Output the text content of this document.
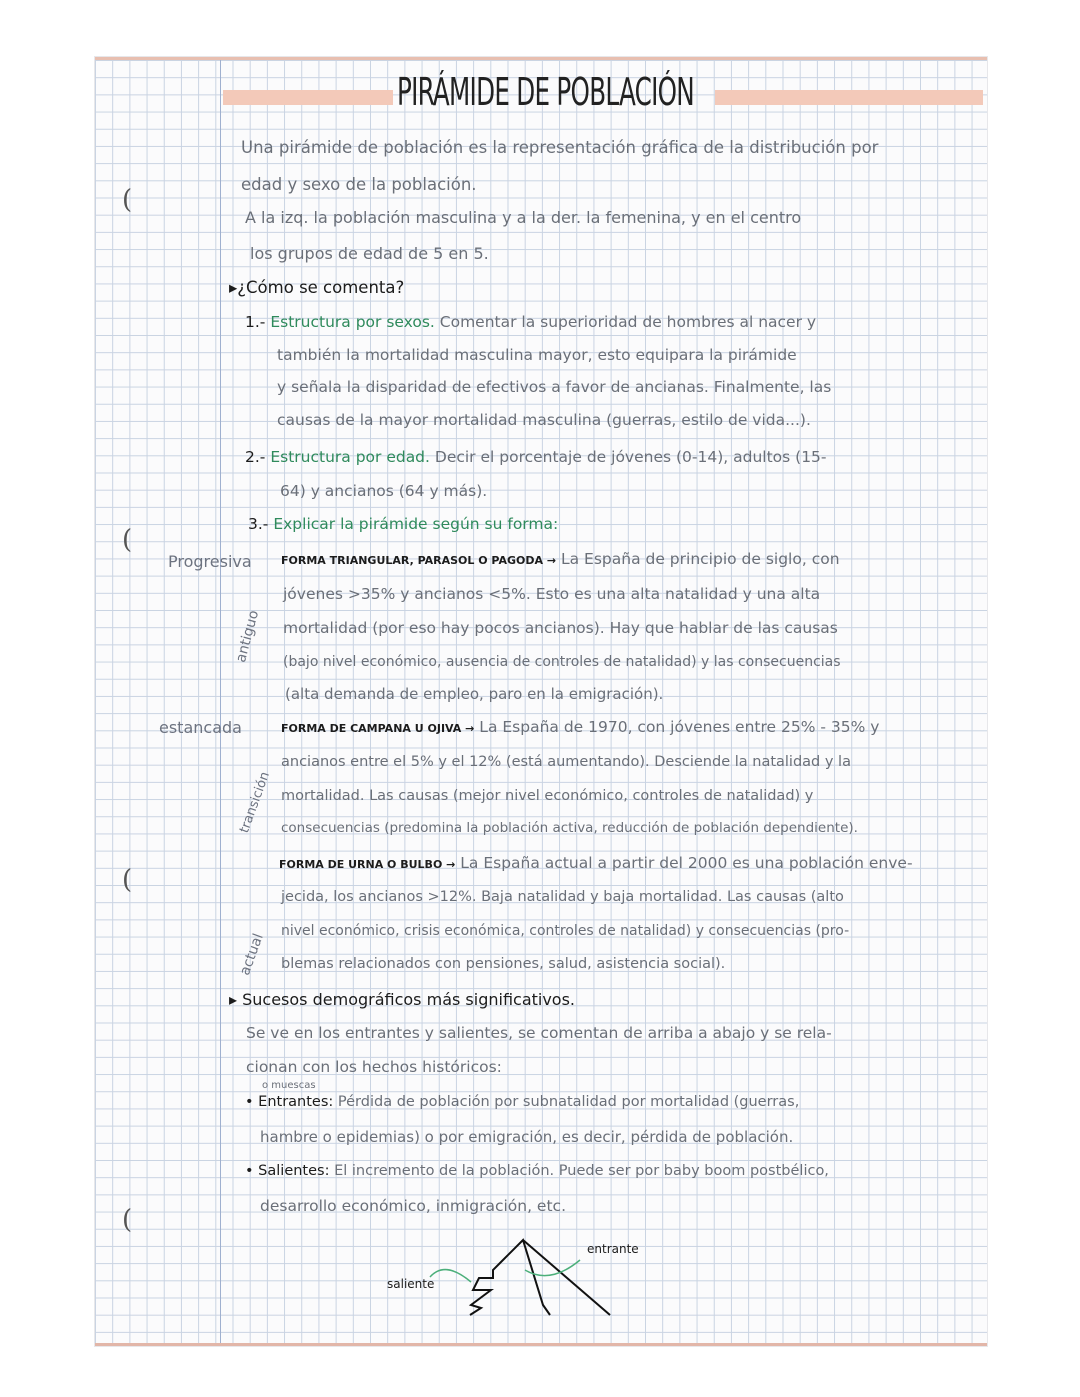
(
(
(
(
PIRÁMIDE DE POBLACIÓN
Una pirámide de población es la representación gráfica de la distribución por
edad y sexo de la población.
A la izq. la población masculina y a la der. la femenina, y en el centro
los grupos de edad de 5 en 5.
▸¿Cómo se comenta?
1.- Estructura por sexos. Comentar la superioridad de hombres al nacer y
también la mortalidad masculina mayor, esto equipara la pirámide
y señala la disparidad de efectivos a favor de ancianas. Finalmente, las
causas de la mayor mortalidad masculina (guerras, estilo de vida...).
2.- Estructura por edad. Decir el porcentaje de jóvenes (0-14), adultos (15-
64) y ancianos (64 y más).
3.- Explicar la pirámide según su forma:
Progresiva
antiguo
estancada
transición
actual
FORMA TRIANGULAR, PARASOL O PAGODA → La España de principio de siglo, con
jóvenes >35% y ancianos <5%. Esto es una alta natalidad y una alta
mortalidad (por eso hay pocos ancianos). Hay que hablar de las causas
(bajo nivel económico, ausencia de controles de natalidad) y las consecuencias
(alta demanda de empleo, paro en la emigración).
FORMA DE CAMPANA U OJIVA → La España de 1970, con jóvenes entre 25% - 35% y
ancianos entre el 5% y el 12% (está aumentando). Desciende la natalidad y la
mortalidad. Las causas (mejor nivel económico, controles de natalidad) y
consecuencias (predomina la población activa, reducción de población dependiente).
FORMA DE URNA O BULBO → La España actual a partir del 2000 es una población enve-
jecida, los ancianos >12%. Baja natalidad y baja mortalidad. Las causas (alto
nivel económico, crisis económica, controles de natalidad) y consecuencias (pro-
blemas relacionados con pensiones, salud, asistencia social).
▸ Sucesos demográficos más significativos.
Se ve en los entrantes y salientes, se comentan de arriba a abajo y se rela-
cionan con los hechos históricos:
o muescas
• Entrantes: Pérdida de población por subnatalidad por mortalidad (guerras,
hambre o epidemias) o por emigración, es decir, pérdida de población.
• Salientes: El incremento de la población. Puede ser por baby boom postbélico,
desarrollo económico, inmigración, etc.
saliente
entrante
